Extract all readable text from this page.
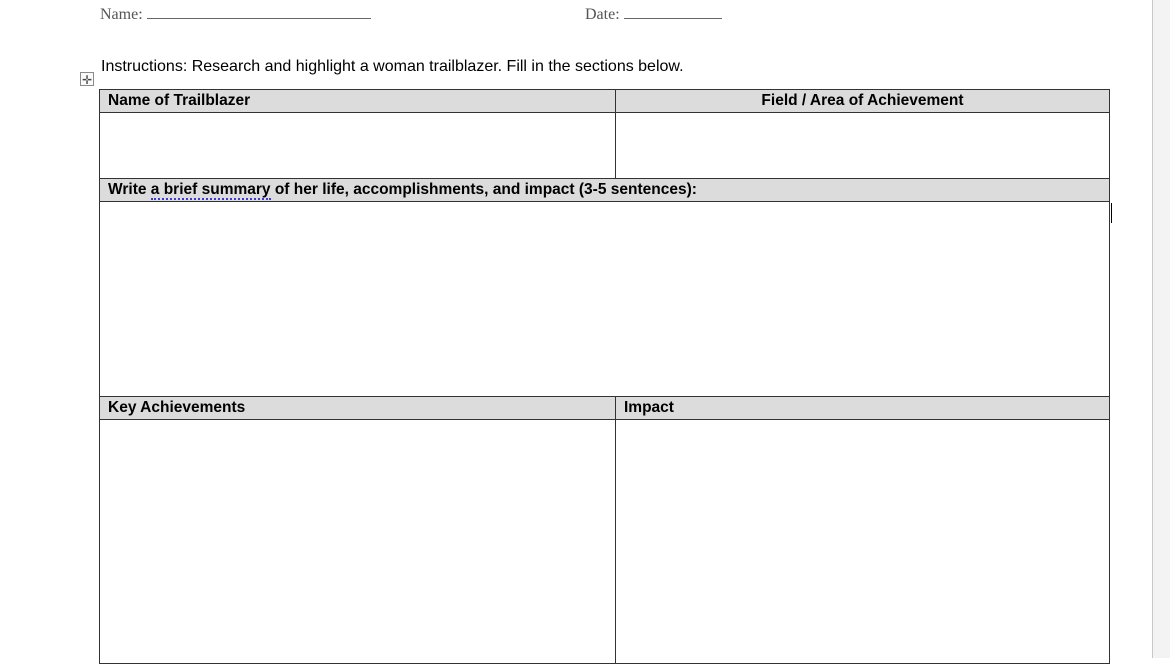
Name:	Date:
Instructions: Research and highlight a woman trailblazer. Fill in the sections below.
✛
Name of Trailblazer	Field / Area of Achievement
Write a brief summary of her life, accomplishments, and impact (3-5 sentences):
Key Achievements	Impact
